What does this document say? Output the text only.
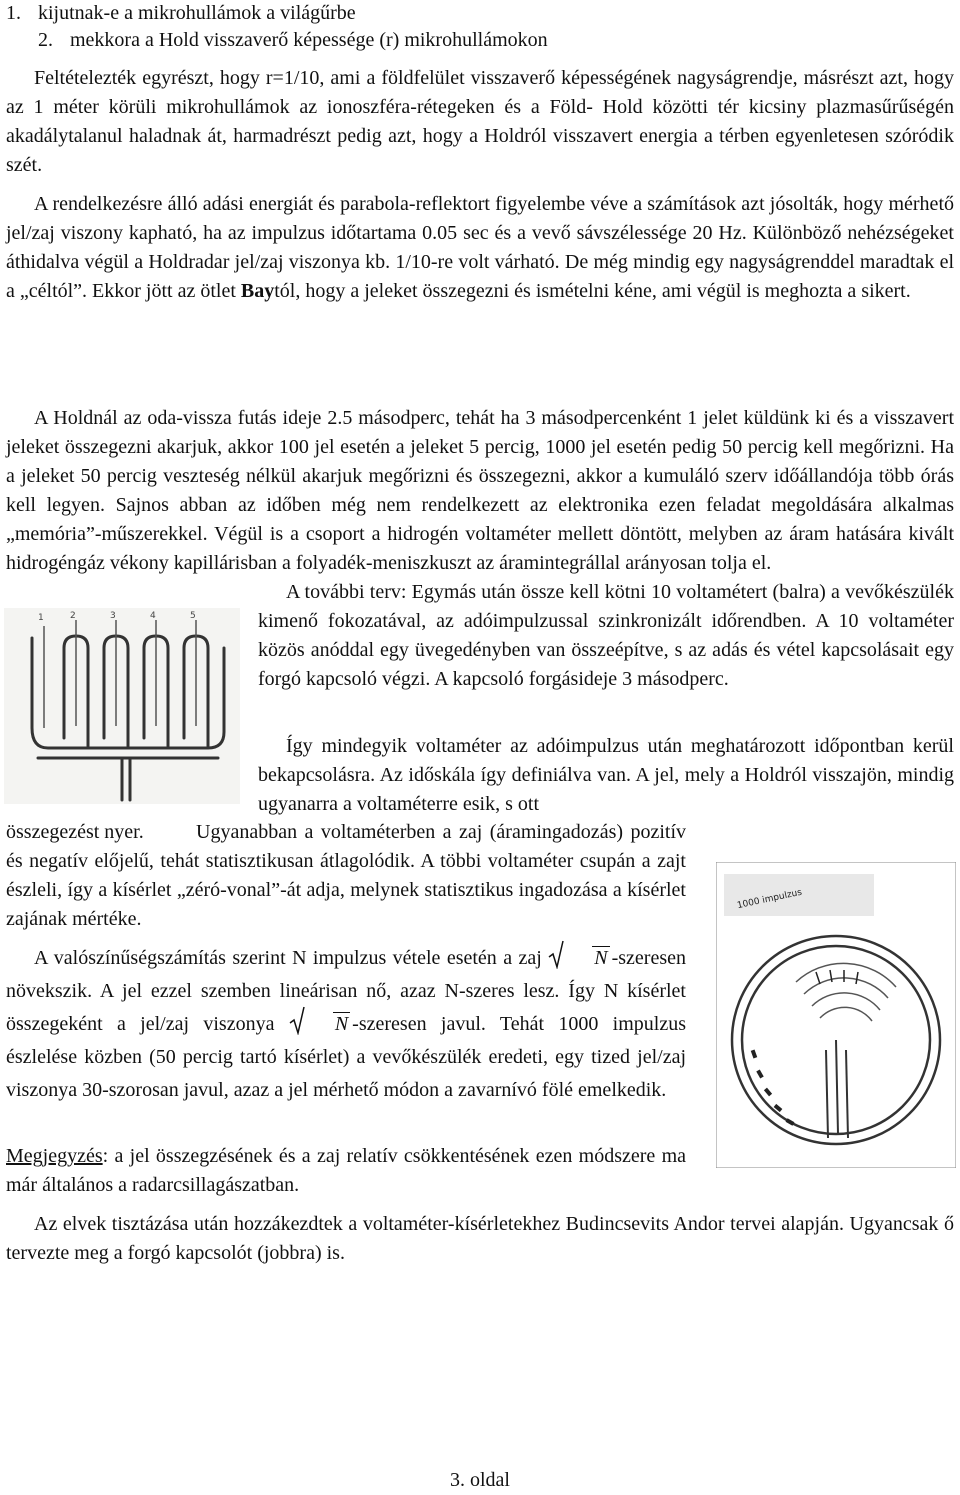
1. kijutnak-e a mikrohullámok a világűrbe
2. mekkora a Hold visszaverő képessége (r) mikrohullámokon

Feltételezték egyrészt, hogy r=1/10, ami a földfelület visszaverő képességének nagyságrendje, másrészt azt, hogy az 1 méter körüli mikrohullámok az ionoszféra-rétegeken és a Föld- Hold közötti tér kicsiny plazmasűrűségén akadálytalanul haladnak át, harmadrészt pedig azt, hogy a Holdról visszavert energia a térben egyenletesen szóródik szét.

A rendelkezésre álló adási energiát és parabola-reflektort figyelembe véve a számítások azt jósolták, hogy mérhető jel/zaj viszony kapható, ha az impulzus időtartama 0.05 sec és a vevő sávszélessége 20 Hz. Különböző nehézségeket áthidalva végül a Holdradar jel/zaj viszonya kb. 1/10-re volt várható. De még mindig egy nagyságrenddel maradtak el a „céltól”. Ekkor jött az ötlet Baytól, hogy a jeleket összegezni és ismételni kéne, ami végül is meghozta a sikert.

A Holdnál az oda-vissza futás ideje 2.5 másodperc, tehát ha 3 másodpercenként 1 jelet küldünk ki és a visszavert jeleket összegezni akarjuk, akkor 100 jel esetén a jeleket 5 percig, 1000 jel esetén pedig 50 percig kell megőrizni. Ha a jeleket 50 percig veszteség nélkül akarjuk megőrizni és összegezni, akkor a kumuláló szerv időállandója több órás kell legyen. Sajnos abban az időben még nem rendelkezett az elektronika ezen feladat megoldására alkalmas „memória”-műszerekkel. Végül is a csoport a hidrogén voltaméter mellett döntött, melyben az áram hatására kivált hidrogéngáz vékony kapillárisban a folyadék-meniszkuszt az áramintegrállal arányosan tolja el.

1	2	3	4	5

A további terv: Egymás után össze kell kötni 10 voltamétert (balra) a vevőkészülék kimenő fokozatával, az adóimpulzussal szinkronizált időrendben. A 10 voltaméter közös anóddal egy üvegedényben van összeépítve, s az adás és vétel kapcsolásait egy forgó kapcsoló végzi. A kapcsoló forgásideje 3 másodperc.

Így mindegyik voltaméter az adóimpulzus után meghatározott időpontban kerül bekapcsolásra. Az időskála így definiálva van. A jel, mely a Holdról visszajön, mindig ugyanarra a voltaméterre esik, s ott

összegezést nyer.	Ugyanabban a voltaméterben a zaj (áramingadozás) pozitív és negatív előjelű, tehát statisztikusan átlagolódik. A többi voltaméter csupán a zajt észleli, így a kísérlet „zéró-vonal”-át adja, melynek statisztikus ingadozása a kísérlet zajának mértéke.

A valószínűségszámítás szerint N impulzus vétele esetén a zaj	N -szeresen növekszik. A jel ezzel szemben lineárisan nő, azaz N-szeres lesz. Így N kísérlet összegeként a jel/zaj viszonya	N -szeresen javul. Tehát 1000 impulzus észlelése közben (50 percig tartó kísérlet) a vevőkészülék eredeti, egy tized jel/zaj viszonya 30-szorosan javul, azaz a jel mérhető módon a zavarnívó fölé emelkedik.

Megjegyzés: a jel összegzésének és a zaj relatív csökkentésének ezen módszere ma már általános a radarcsillagászatban.

1000 impulzus

Az elvek tisztázása után hozzákezdtek a voltaméter-kísérletekhez Budincsevits Andor tervei alapján. Ugyancsak ő tervezte meg a forgó kapcsolót (jobbra) is.

3. oldal
